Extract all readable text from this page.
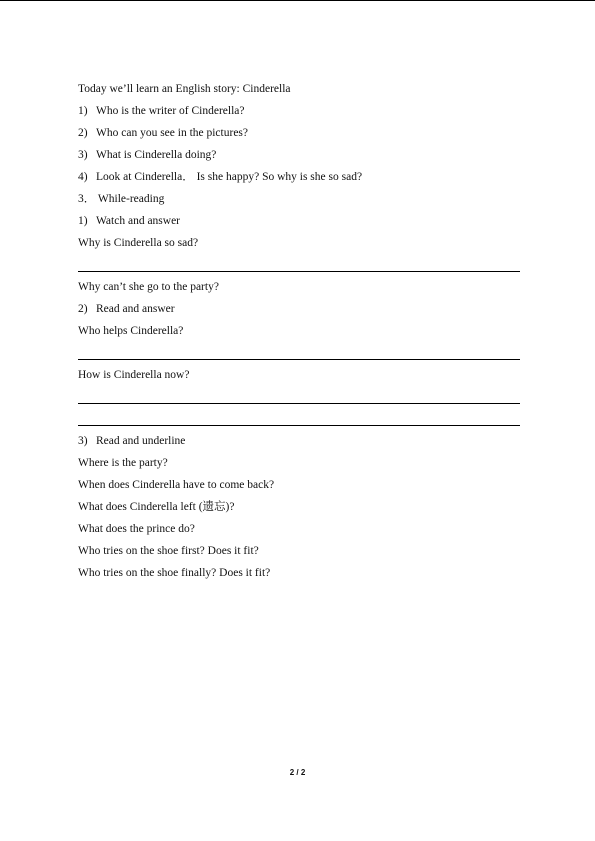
Today we’ll learn an English story: Cinderella
1) Who is the writer of Cinderella?
2) Who can you see in the pictures?
3) What is Cinderella doing?
4) Look at Cinderella． Is she happy? So why is she so sad?
3． While-reading
1) Watch and answer
Why is Cinderella so sad?
Why can’t she go to the party?
2) Read and answer
Who helps Cinderella?
How is Cinderella now?
3) Read and underline
Where is the party?
When does Cinderella have to come back?
What does Cinderella left (遗忘)?
What does the prince do?
Who tries on the shoe first? Does it fit?
Who tries on the shoe finally? Does it fit?
2 / 2
